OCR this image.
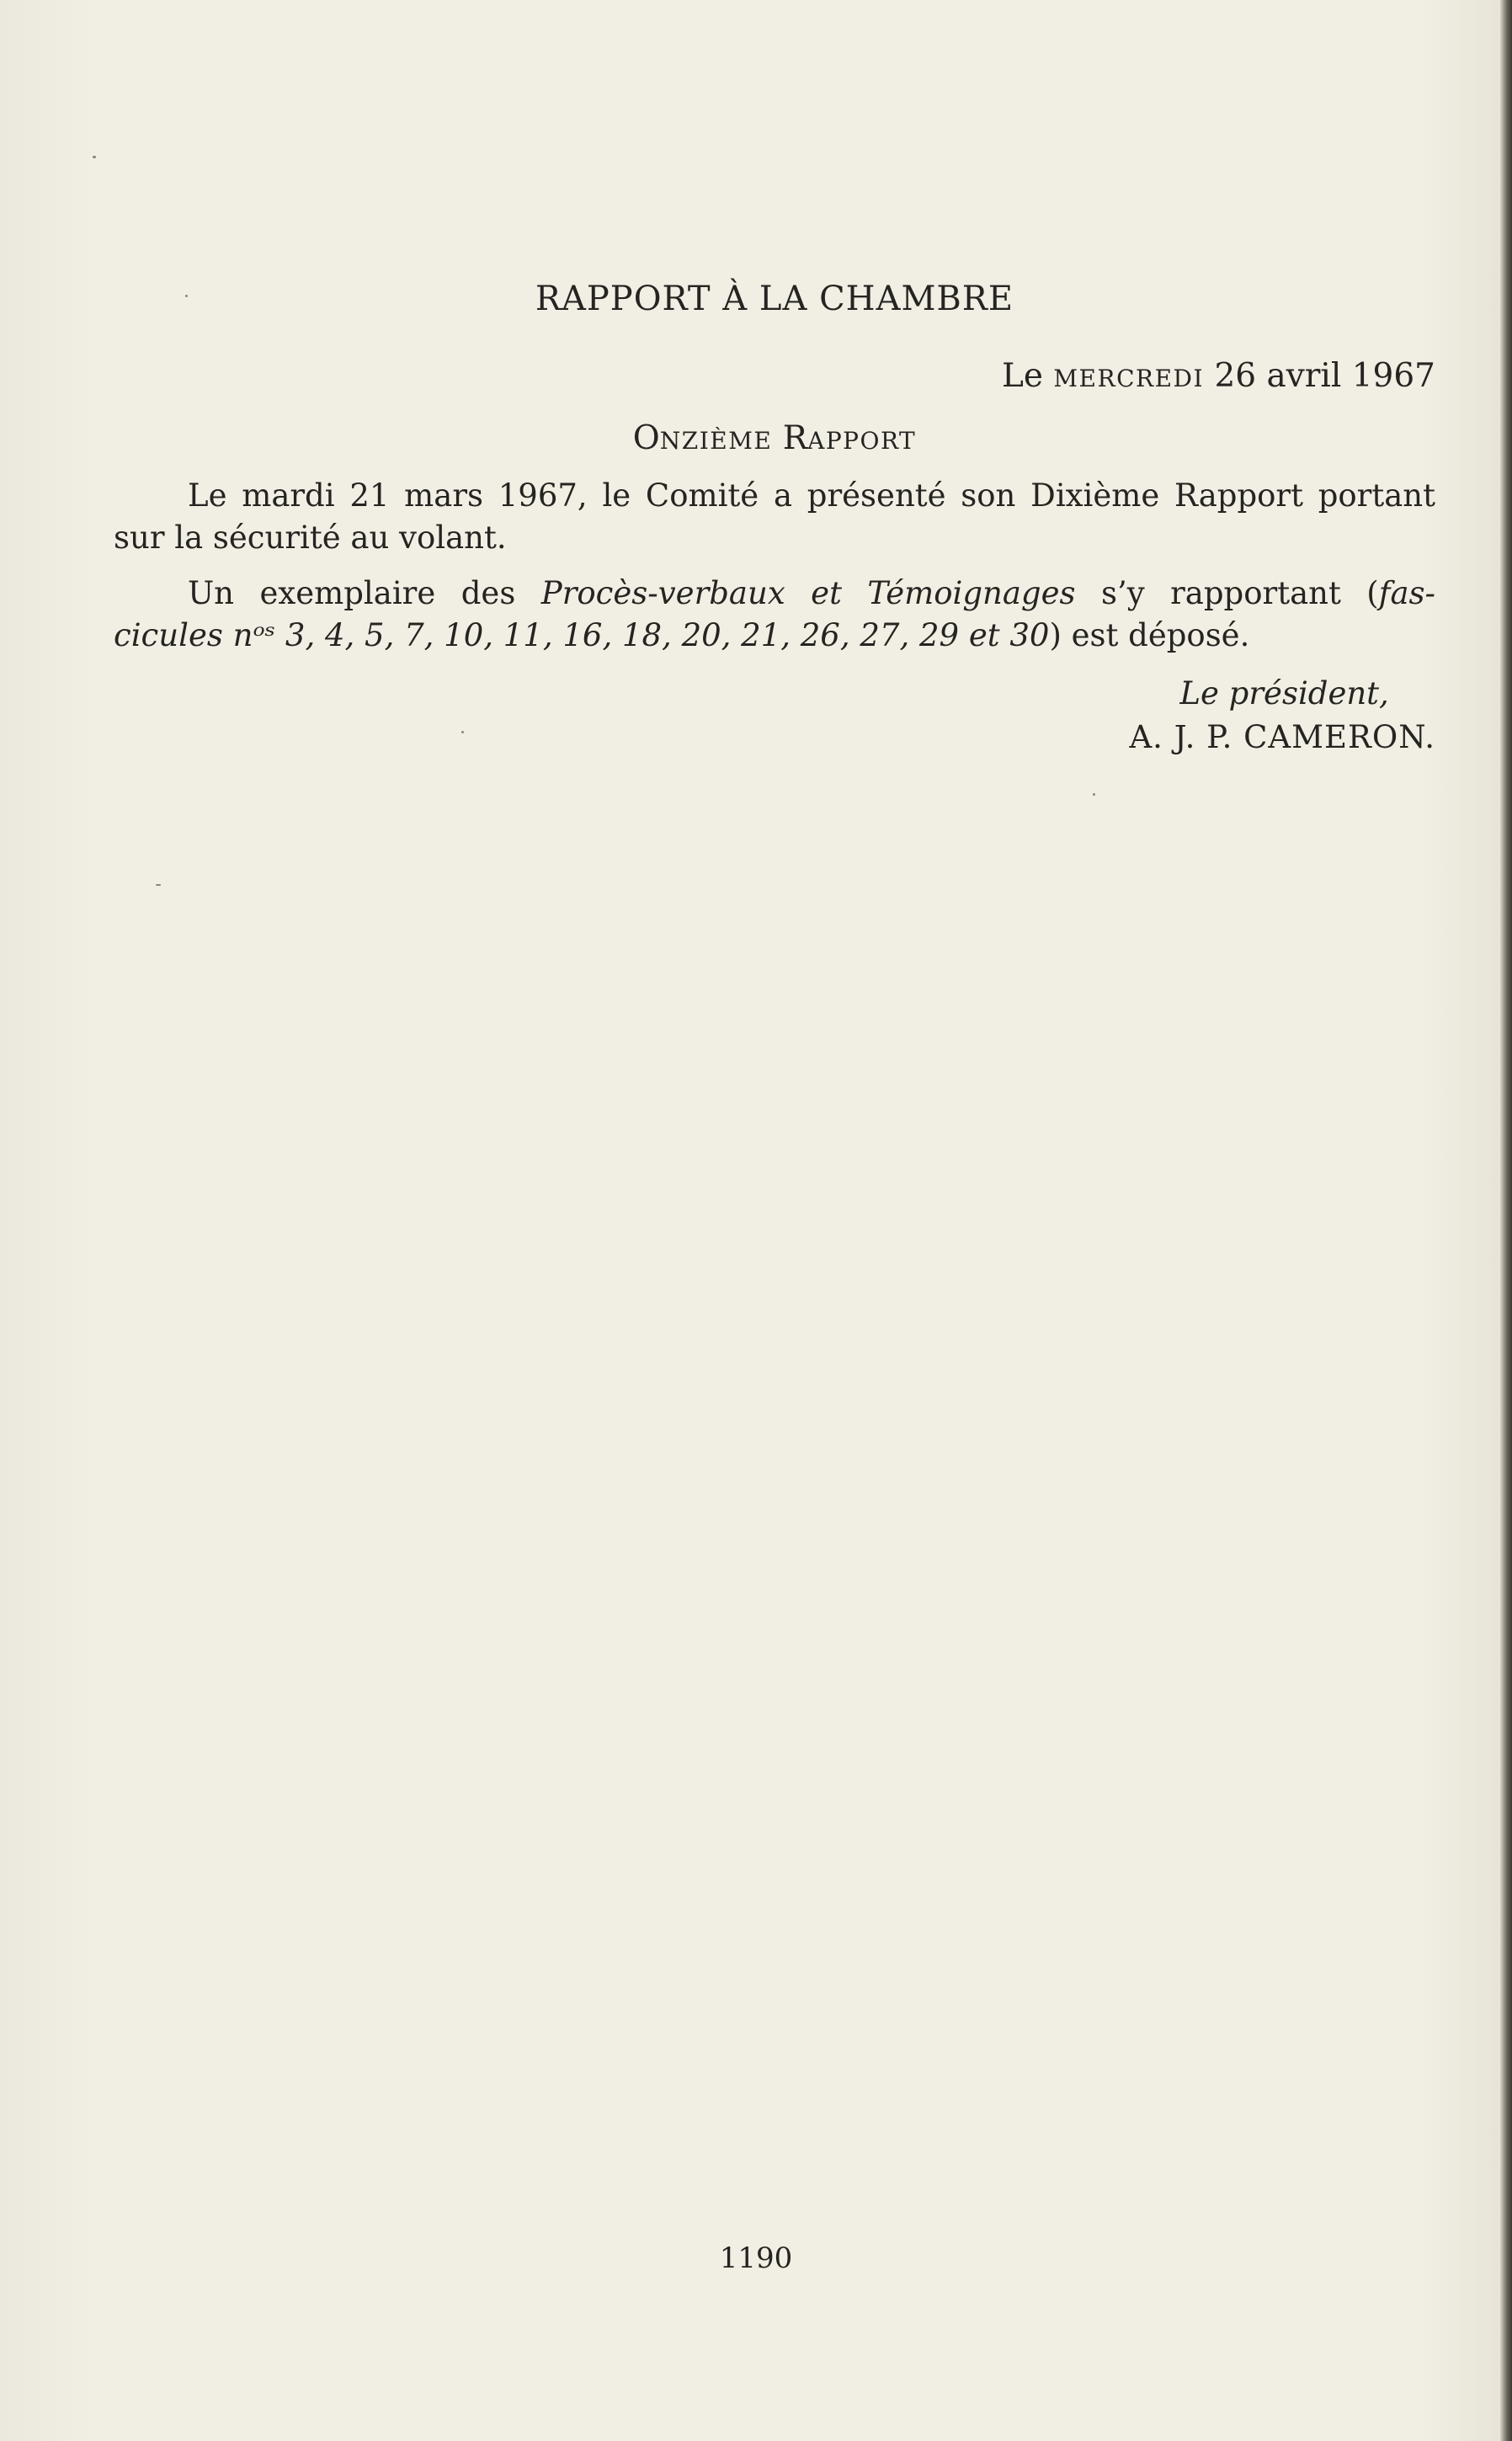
RAPPORT À LA CHAMBRE
Le MERCREDI 26 avril 1967
ONZIÈME RAPPORT
Le mardi 21 mars 1967, le Comité a présenté son Dixième Rapport portant
sur la sécurité au volant.
Un exemplaire des Procès-verbaux et Témoignages s’y rapportant (fas-
cicules nᵒˢ 3, 4, 5, 7, 10, 11, 16, 18, 20, 21, 26, 27, 29 et 30) est déposé.
Le président,
A. J. P. CAMERON.
1190
